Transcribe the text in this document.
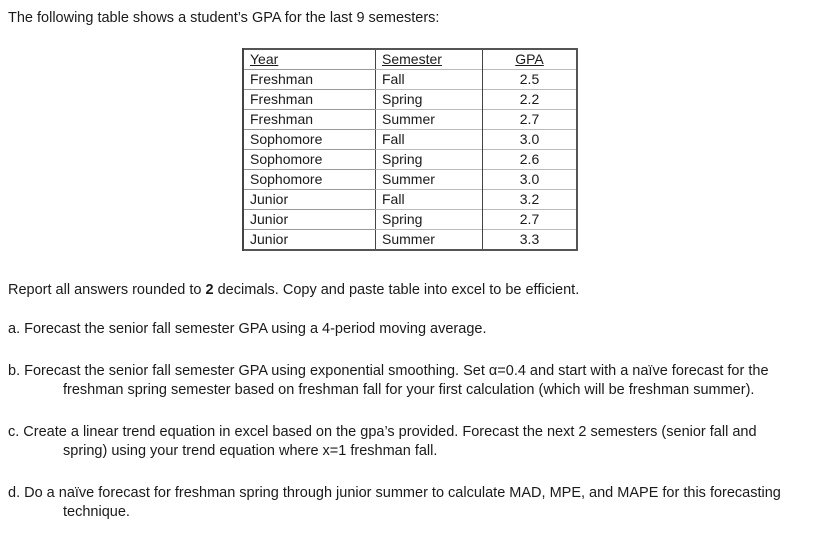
The following table shows a student’s GPA for the last 9 semesters:
Year	Semester	GPA
Freshman	Fall	2.5
Freshman	Spring	2.2
Freshman	Summer	2.7
Sophomore	Fall	3.0
Sophomore	Spring	2.6
Sophomore	Summer	3.0
Junior	Fall	3.2
Junior	Spring	2.7
Junior	Summer	3.3
Report all answers rounded to 2 decimals. Copy and paste table into excel to be efficient.
a. Forecast the senior fall semester GPA using a 4-period moving average.
b. Forecast the senior fall semester GPA using exponential smoothing. Set α=0.4 and start with a naïve forecast for the
freshman spring semester based on freshman fall for your first calculation (which will be freshman summer).
c. Create a linear trend equation in excel based on the gpa’s provided. Forecast the next 2 semesters (senior fall and
spring) using your trend equation where x=1 freshman fall.
d. Do a naïve forecast for freshman spring through junior summer to calculate MAD, MPE, and MAPE for this forecasting
technique.
